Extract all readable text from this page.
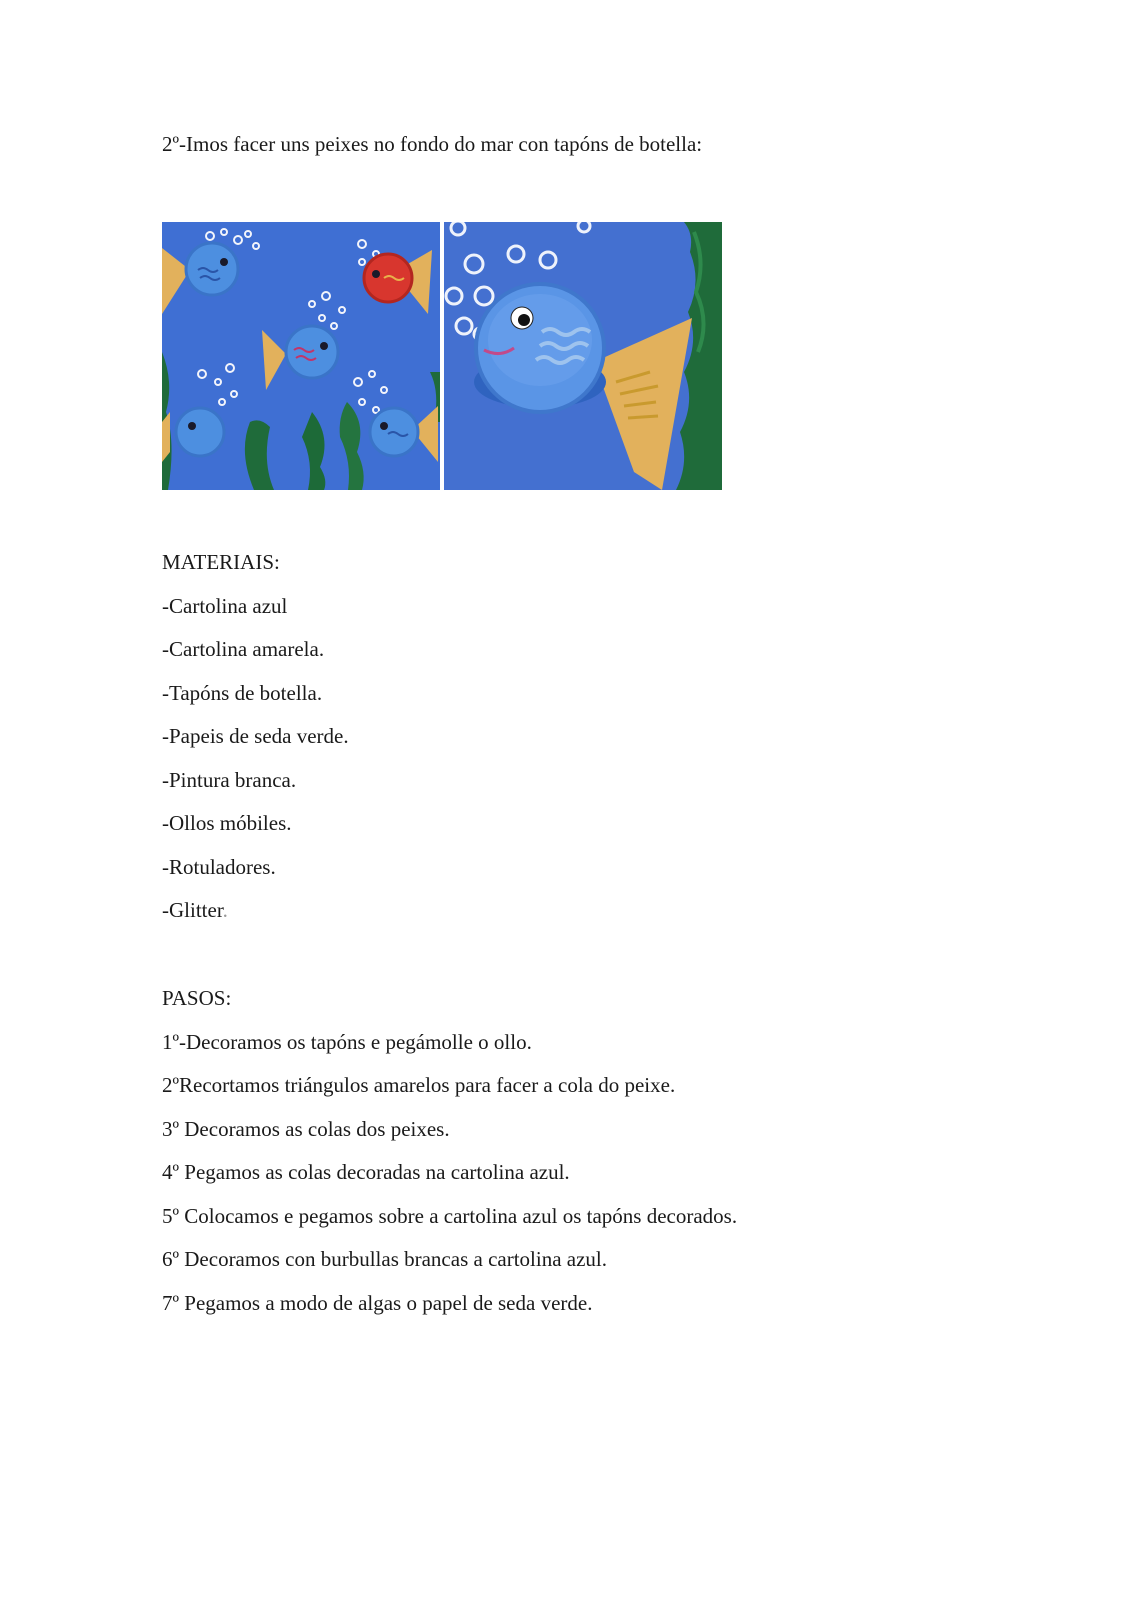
2º-Imos facer uns peixes no fondo do mar con tapóns de botella:

MATERIAIS:
-Cartolina azul
-Cartolina amarela.
-Tapóns de botella.
-Papeis de seda verde.
-Pintura branca.
-Ollos móbiles.
-Rotuladores.
-Glitter.
PASOS:
1º-Decoramos os tapóns e pegámolle o ollo.
2ºRecortamos triángulos amarelos para facer a cola do peixe.
3º Decoramos as colas dos peixes.
4º Pegamos as colas decoradas na cartolina azul.
5º Colocamos e pegamos sobre a cartolina azul os tapóns decorados.
6º Decoramos con burbullas brancas a cartolina azul.
7º Pegamos a modo de algas o papel de seda verde.
